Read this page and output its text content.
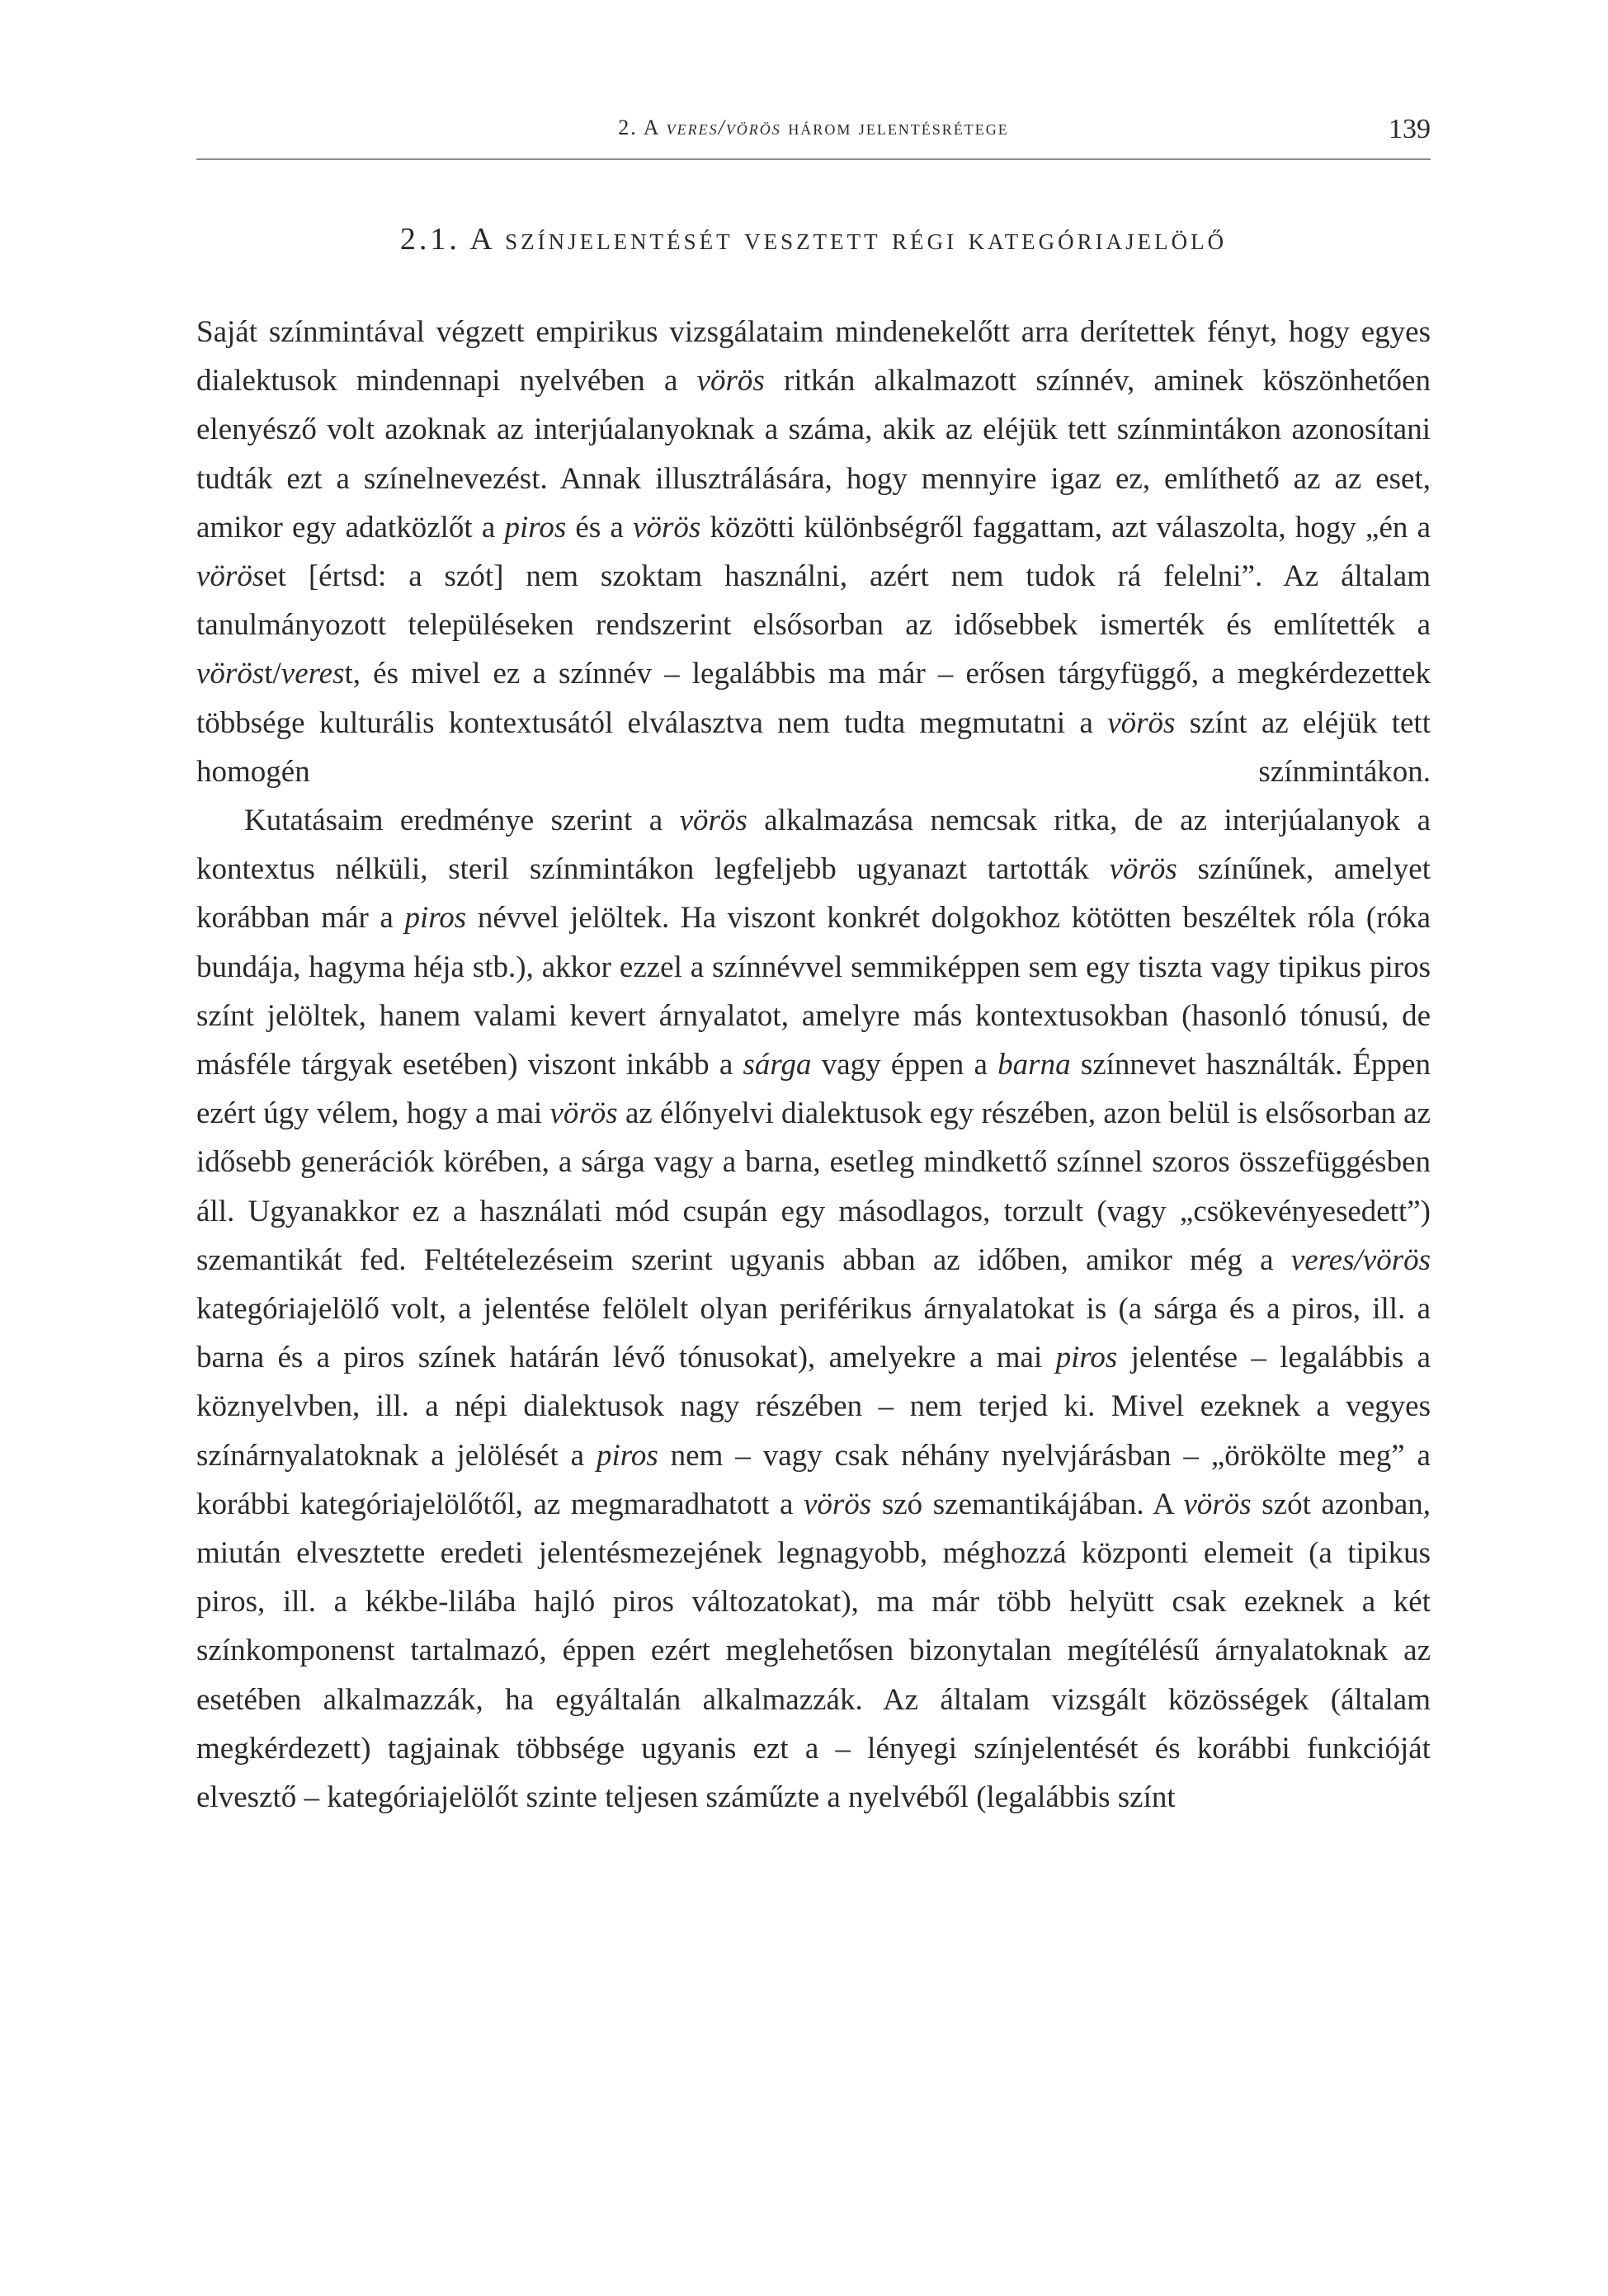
2. A veres/vörös három jelentésrétege	139
2.1. A színjelentését vesztett régi kategóriajelölő

Saját színmintával végzett empirikus vizsgálataim mindenekelőtt arra derítettek fényt, hogy egyes dialektusok mindennapi nyelvében a vörös ritkán alkalmazott színnév, aminek köszönhetően elenyésző volt azoknak az interjúalanyoknak a száma, akik az eléjük tett színmintákon azonosítani tudták ezt a színelnevezést. Annak illusztrálására, hogy mennyire igaz ez, említhető az az eset, amikor egy adatközlőt a piros és a vörös közötti különbségről faggattam, azt válaszolta, hogy „én a vöröset [értsd: a szót] nem szoktam használni, azért nem tudok rá felelni”. Az általam tanulmányozott településeken rendszerint elsősorban az idősebbek ismerték és említették a vöröst/verest, és mivel ez a színnév – legalábbis ma már – erősen tárgyfüggő, a megkérdezettek többsége kulturális kontextusától elválasztva nem tudta megmutatni a vörös színt az eléjük tett homogén színmintákon.

Kutatásaim eredménye szerint a vörös alkalmazása nemcsak ritka, de az interjúalanyok a kontextus nélküli, steril színmintákon legfeljebb ugyanazt tartották vörös színűnek, amelyet korábban már a piros névvel jelöltek. Ha viszont konkrét dolgokhoz kötötten beszéltek róla (róka bundája, hagyma héja stb.), akkor ezzel a színnévvel semmiképpen sem egy tiszta vagy tipikus piros színt jelöltek, hanem valami kevert árnyalatot, amelyre más kontextusokban (hasonló tónusú, de másféle tárgyak esetében) viszont inkább a sárga vagy éppen a barna színnevet használták. Éppen ezért úgy vélem, hogy a mai vörös az élőnyelvi dialektusok egy részében, azon belül is elsősorban az idősebb generációk körében, a sárga vagy a barna, esetleg mindkettő színnel szoros összefüggésben áll. Ugyanakkor ez a használati mód csupán egy másodlagos, torzult (vagy „csökevényesedett”) szemantikát fed. Feltételezéseim szerint ugyanis abban az időben, amikor még a veres/vörös kategóriajelölő volt, a jelentése felölelt olyan periférikus árnyalatokat is (a sárga és a piros, ill. a barna és a piros színek határán lévő tónusokat), amelyekre a mai piros jelentése – legalábbis a köznyelvben, ill. a népi dialektusok nagy részében – nem terjed ki. Mivel ezeknek a vegyes színárnyalatoknak a jelölését a piros nem – vagy csak néhány nyelvjárásban – „örökölte meg” a korábbi kategóriajelölőtől, az megmaradhatott a vörös szó szemantikájában. A vörös szót azonban, miután elvesztette eredeti jelentésmezejének legnagyobb, méghozzá központi elemeit (a tipikus piros, ill. a kékbe-lilába hajló piros változatokat), ma már több helyütt csak ezeknek a két színkomponenst tartalmazó, éppen ezért meglehetősen bizonytalan megítélésű árnyalatoknak az esetében alkalmazzák, ha egyáltalán alkalmazzák. Az általam vizsgált közösségek (általam megkérdezett) tagjainak többsége ugyanis ezt a – lényegi színjelentését és korábbi funkcióját elvesztő – kategóriajelölőt szinte teljesen száműzte a nyelvéből (legalábbis színt
